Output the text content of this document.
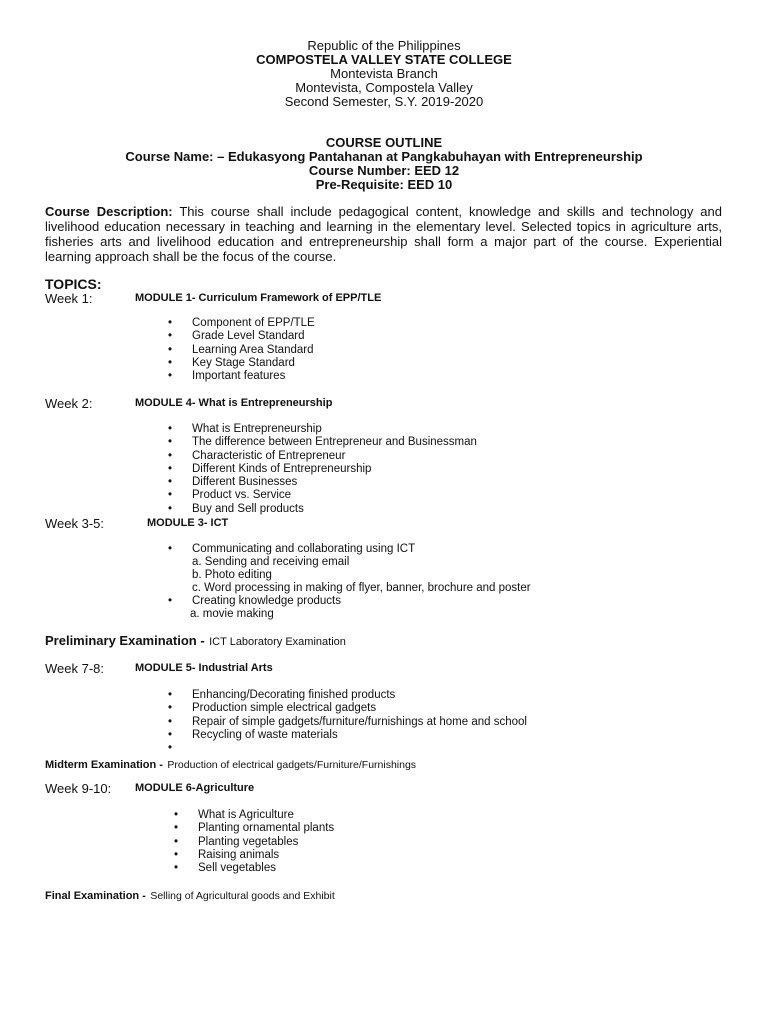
Republic of the Philippines
COMPOSTELA VALLEY STATE COLLEGE
Montevista Branch
Montevista, Compostela Valley
Second Semester, S.Y. 2019-2020
COURSE OUTLINE
Course Name: – Edukasyong Pantahanan at Pangkabuhayan with Entrepreneurship
Course Number: EED 12
Pre-Requisite: EED 10
Course Description: This course shall include pedagogical content, knowledge and skills and technology and livelihood education necessary in teaching and learning in the elementary level. Selected topics in agriculture arts, fisheries arts and livelihood education and entrepreneurship shall form a major part of the course. Experiential learning approach shall be the focus of the course.
TOPICS:
Week 1:	MODULE 1- Curriculum Framework of EPP/TLE
• Component of EPP/TLE
• Grade Level Standard
• Learning Area Standard
• Key Stage Standard
• Important features
Week 2:	MODULE 4- What is Entrepreneurship
• What is Entrepreneurship
• The difference between Entrepreneur and Businessman
• Characteristic of Entrepreneur
• Different Kinds of Entrepreneurship
• Different Businesses
• Product vs. Service
• Buy and Sell products
Week 3-5:	MODULE 3- ICT
• Communicating and collaborating using ICT
a. Sending and receiving email
b. Photo editing
c. Word processing in making of flyer, banner, brochure and poster
• Creating knowledge products
a. movie making
Preliminary Examination - ICT Laboratory Examination
Week 7-8:	MODULE 5- Industrial Arts
• Enhancing/Decorating finished products
• Production simple electrical gadgets
• Repair of simple gadgets/furniture/furnishings at home and school
• Recycling of waste materials
•
Midterm Examination - Production of electrical gadgets/Furniture/Furnishings
Week 9-10: MODULE 6-Agriculture
• What is Agriculture
• Planting ornamental plants
• Planting vegetables
• Raising animals
• Sell vegetables
Final Examination - Selling of Agricultural goods and Exhibit
